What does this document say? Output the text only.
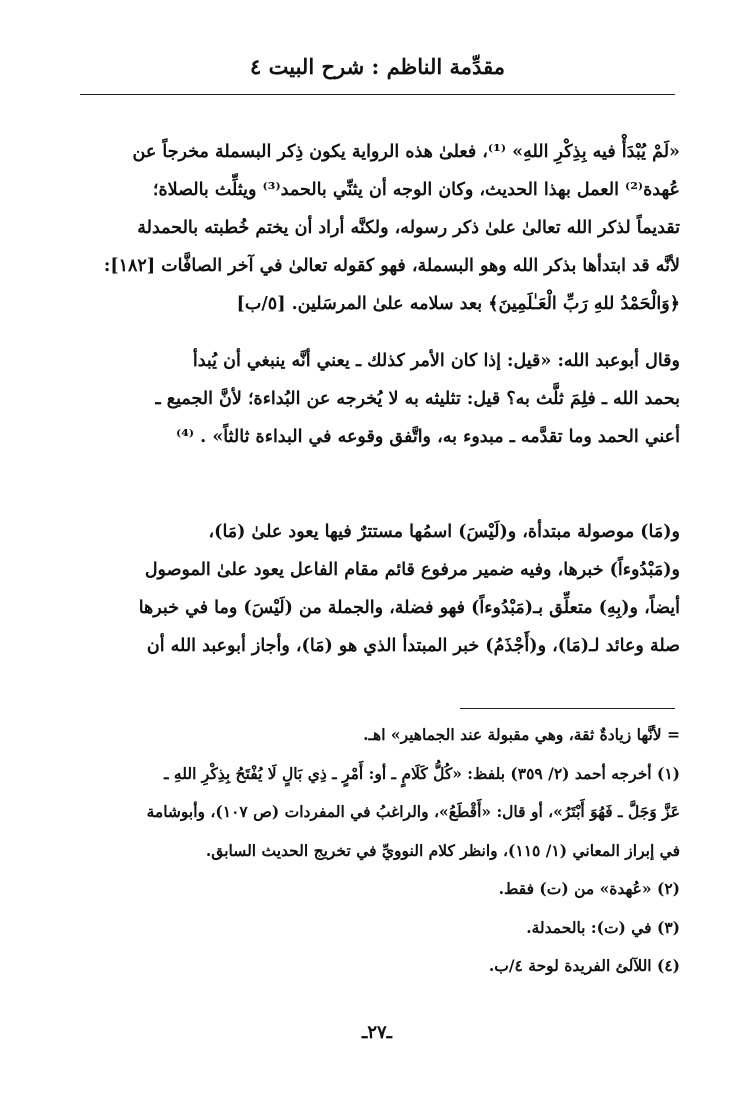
مقدِّمة الناظم : شرح البيت ٤
«لَمْ يُبْدَأْ فيه بِذِكْرِ اللهِ» ⁽¹⁾، فعلىٰ هذه الرواية يكون ذِكر البسملة مخرجاً عن
عُهدة⁽²⁾ العمل بهذا الحديث، وكان الوجه أن يثنِّي بالحمد⁽³⁾ ويثلِّث بالصلاة؛
تقديماً لذكر الله تعالىٰ علىٰ ذكر رسوله، ولكنَّه أراد أن يختم خُطبته بالحمدلة
لأنَّه قد ابتدأها بذكر الله وهو البسملة، فهو كقوله تعالىٰ في آخر الصافَّات [١٨٢]:
﴿وَالْحَمْدُ للهِ رَبِّ الْعَـٰلَمِينَ﴾ بعد سلامه علىٰ المرسَلين. [٥/ب]
وقال أبوعبد الله: «قيل: إذا كان الأمر كذلك ـ يعني أنَّه ينبغي أن يُبدأ
بحمد الله ـ فلِمَ ثلَّث به؟ قيل: تثليثه به لا يُخرجه عن البُداءة؛ لأنَّ الجميع ـ
أعني الحمد وما تقدَّمه ـ مبدوء به، واتَّفق وقوعه في البداءة ثالثاً» . ⁽⁴⁾
و(مَا) موصولة مبتدأة، و(لَيْسَ) اسمُها مستترٌ فيها يعود علىٰ (مَا)،
و(مَبْدُوءاً) خبرها، وفيه ضمير مرفوع قائم مقام الفاعل يعود علىٰ الموصول
أيضاً، و(بِهِ) متعلِّق بـ(مَبْدُوءاً) فهو فضلة، والجملة من (لَيْسَ) وما في خبرها
صلة وعائد لـ(مَا)، و(أَجْذَمُ) خبر المبتدأ الذي هو (مَا)، وأجاز أبوعبد الله أن
= لأنَّها زيادةٌ ثقة، وهي مقبولة عند الجماهير» اهـ.
(١) أخرجه أحمد (٢/ ٣٥٩) بلفظ: «كُلُّ كَلَامٍ ـ أو: أَمْرٍ ـ ذِي بَالٍ لَا يُفْتَحُ بِذِكْرِ اللهِ ـ
عَزَّ وَجَلَّ ـ فَهُوَ أَبْتَرُ»، أو قال: «أَقْطَعُ»، والراغبُ في المفردات (ص ١٠٧)، وأبوشامة
في إبراز المعاني (١/ ١١٥)، وانظر كلام النوويِّ في تخريج الحديث السابق.
(٢) «عُهدة» من (ت) فقط.
(٣) في (ت): بالحمدلة.
(٤) اللآلئ الفريدة لوحة ٤/ب.
ـ٢٧ـ
